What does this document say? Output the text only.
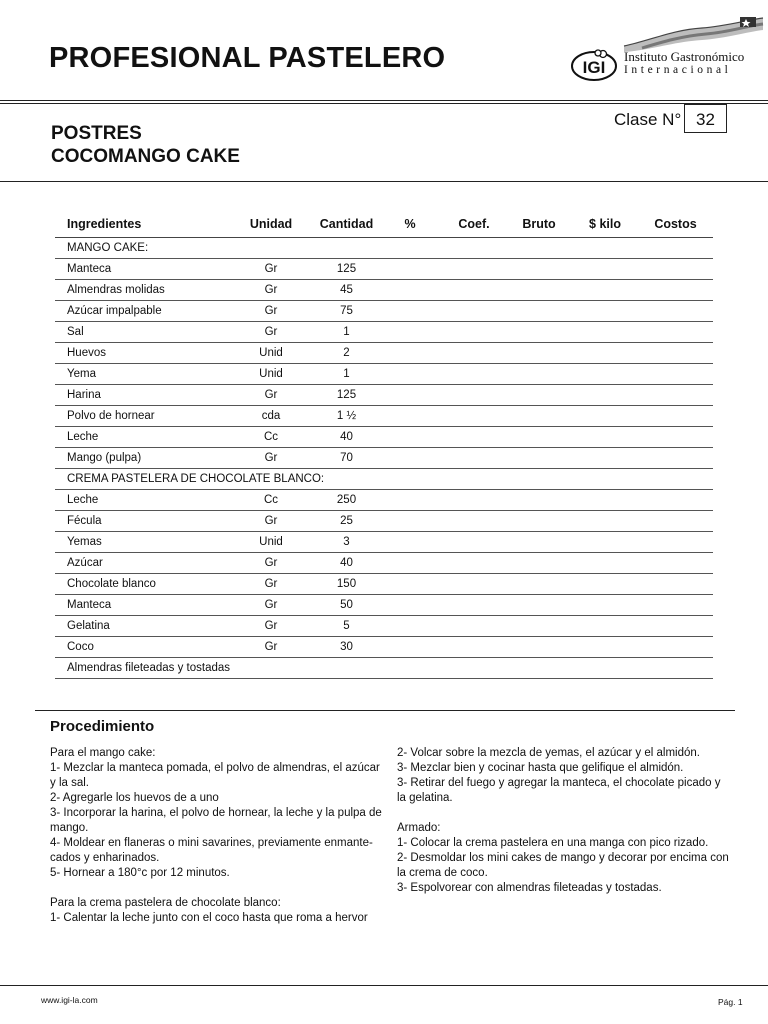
PROFESIONAL PASTELERO	IGI
Instituto Gastronómico
Internacional
POSTRES
COCOMANGO CAKE
Clase N° 32
Ingredientes	Unidad	Cantidad	%	Coef.	Bruto	$ kilo	Costos
MANGO CAKE:							
Manteca	Gr	125					
Almendras molidas	Gr	45					
Azúcar impalpable	Gr	75					
Sal	Gr	1					
Huevos	Unid	2					
Yema	Unid	1					
Harina	Gr	125					
Polvo de hornear	cda	1 ½					
Leche	Cc	40					
Mango (pulpa)	Gr	70					
CREMA PASTELERA DE CHOCOLATE BLANCO:							
Leche	Cc	250					
Fécula	Gr	25					
Yemas	Unid	3					
Azúcar	Gr	40					
Chocolate blanco	Gr	150					
Manteca	Gr	50					
Gelatina	Gr	5					
Coco	Gr	30					
Almendras fileteadas y tostadas							
Procedimiento

Para el mango cake:

1- Mezclar la manteca pomada, el polvo de almendras, el azúcar y la sal.

2- Agregarle los huevos de a uno

3- Incorporar la harina, el polvo de hornear, la leche y la pulpa de mango.

4- Moldear en flaneras o mini savarines, previamente enmante-cados y enharinados.

5- Hornear a 180°c por 12 minutos.

Para la crema pastelera de chocolate blanco:

1- Calentar la leche junto con el coco hasta que roma a hervor

2- Volcar sobre la mezcla de yemas, el azúcar y el almidón.

3- Mezclar bien y cocinar hasta que gelifique el almidón.

3- Retirar del fuego y agregar la manteca, el chocolate picado y la gelatina.

Armado:

1- Colocar la crema pastelera en una manga con pico rizado.

2- Desmoldar los mini cakes de mango y decorar por encima con la crema de coco.

3- Espolvorear con almendras fileteadas y tostadas.

www.igi-la.com	Pág. 1
